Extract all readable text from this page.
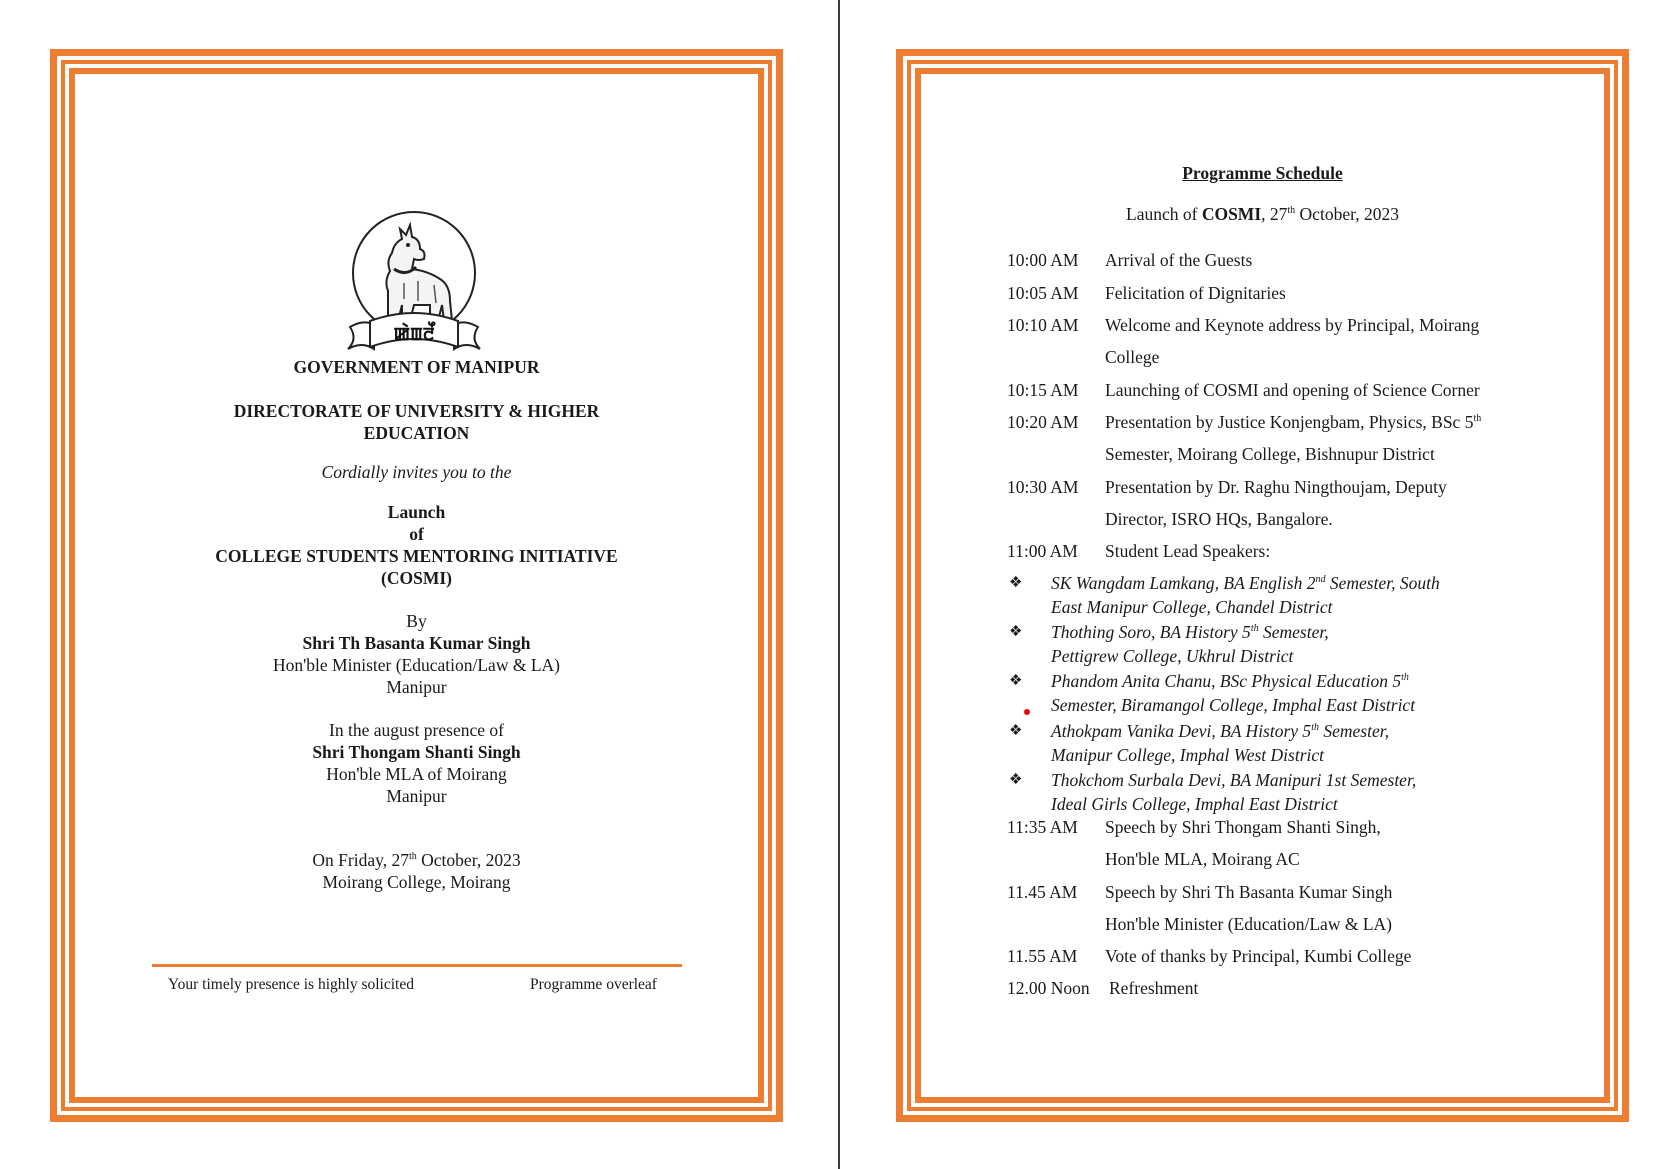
ꯀꯥꯡꯂꯩ
GOVERNMENT OF MANIPUR
DIRECTORATE OF UNIVERSITY & HIGHER
EDUCATION
Cordially invites you to the
Launch
of
COLLEGE STUDENTS MENTORING INITIATIVE
(COSMI)
By
Shri Th Basanta Kumar Singh
Hon'ble Minister (Education/Law & LA)
Manipur
In the august presence of
Shri Thongam Shanti Singh
Hon'ble MLA of Moirang
Manipur
On Friday, 27th October, 2023
Moirang College, Moirang
Your timely presence is highly solicited	Programme overleaf
Programme Schedule
Launch of COSMI, 27th October, 2023
10:00 AM Arrival of the Guests
10:05 AM Felicitation of Dignitaries
10:10 AM Welcome and Keynote address by Principal, Moirang
College
10:15 AM Launching of COSMI and opening of Science Corner
10:20 AM Presentation by Justice Konjengbam, Physics, BSc 5th
Semester, Moirang College, Bishnupur District
10:30 AM Presentation by Dr. Raghu Ningthoujam, Deputy
Director, ISRO HQs, Bangalore.
11:00 AM Student Lead Speakers:
❖ SK Wangdam Lamkang, BA English 2nd Semester, South
East Manipur College, Chandel District
❖ Thothing Soro, BA History 5th Semester,
Pettigrew College, Ukhrul District
❖ Phandom Anita Chanu, BSc Physical Education 5th
Semester, Biramangol College, Imphal East District
❖ Athokpam Vanika Devi, BA History 5th Semester,
Manipur College, Imphal West District
❖ Thokchom Surbala Devi, BA Manipuri 1st Semester,
Ideal Girls College, Imphal East District
11:35 AM Speech by Shri Thongam Shanti Singh,
Hon'ble MLA, Moirang AC
11.45 AM Speech by Shri Th Basanta Kumar Singh
Hon'ble Minister (Education/Law & LA)
11.55 AM Vote of thanks by Principal, Kumbi College
12.00 Noon Refreshment
